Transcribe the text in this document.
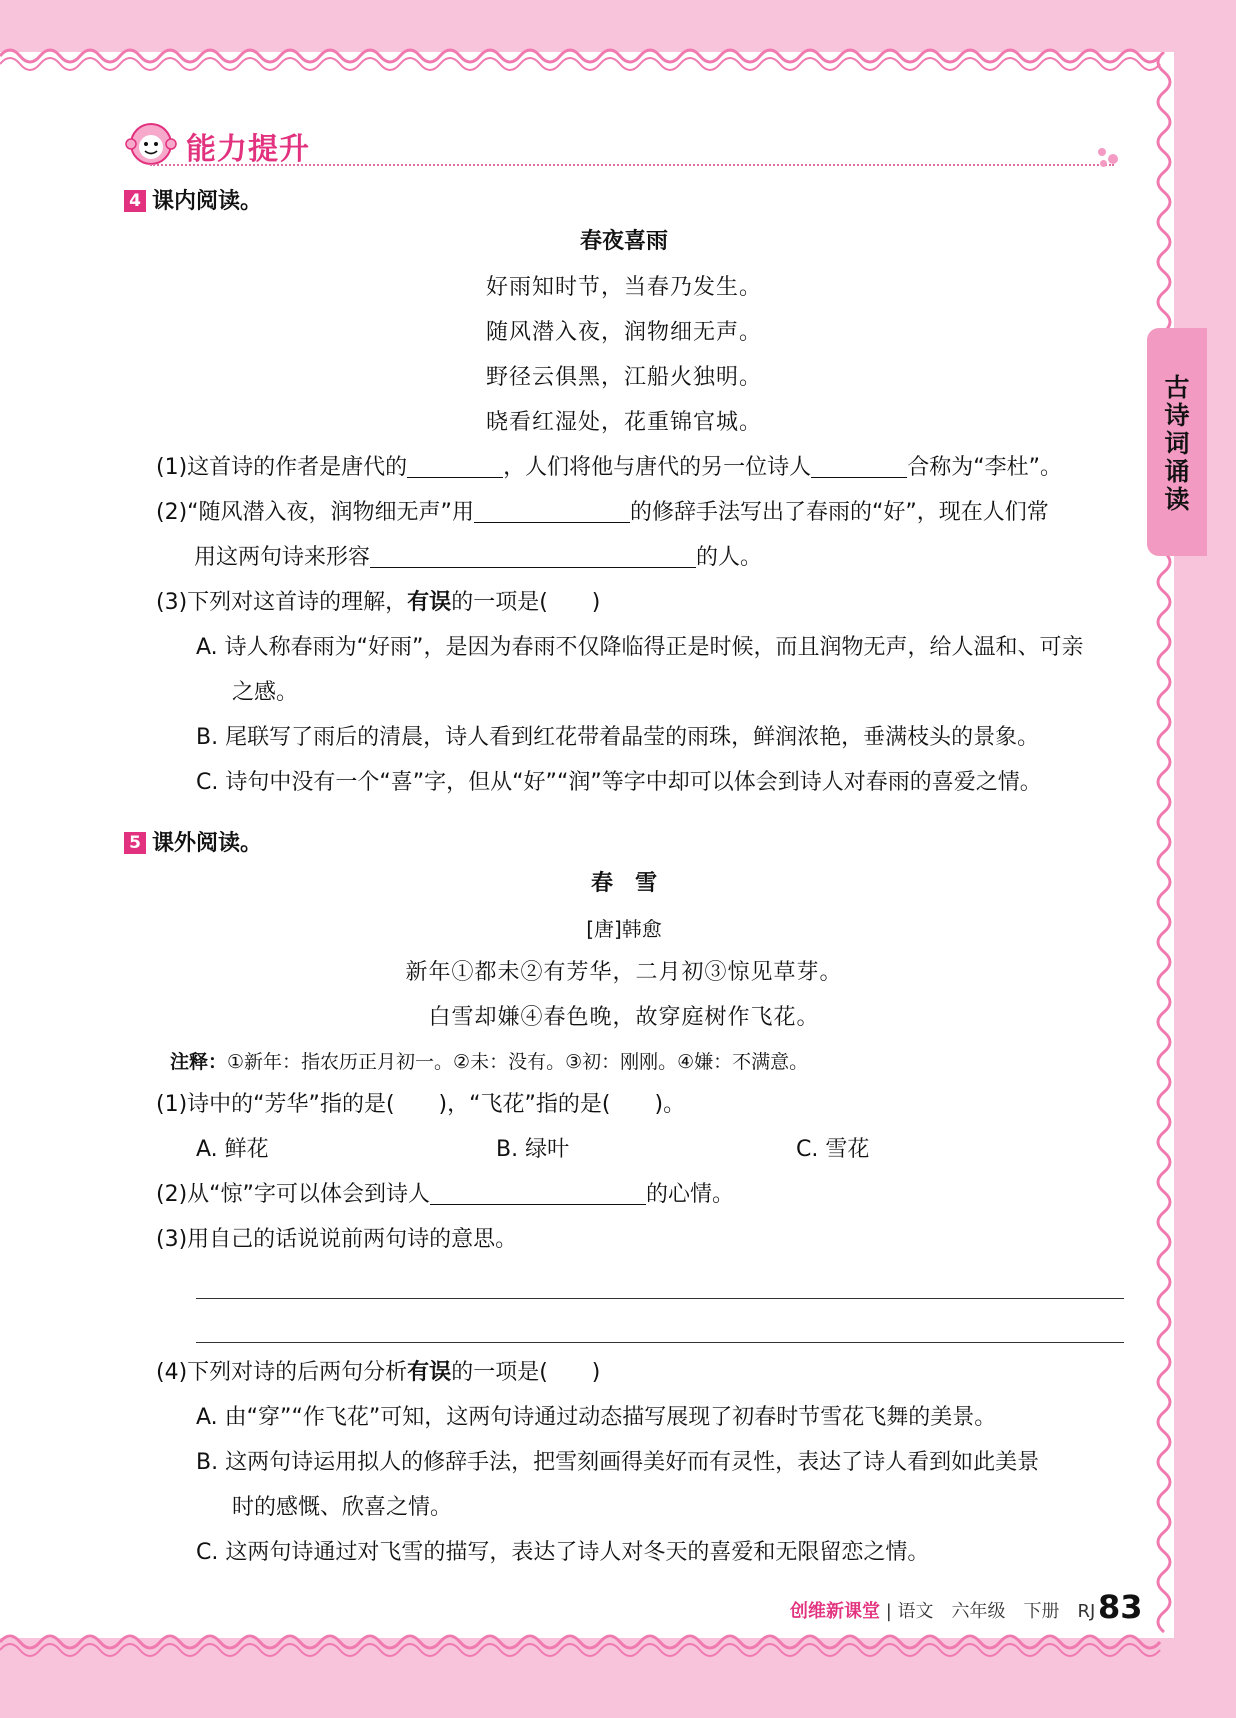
古
诗
词
诵
读
能力提升
4 课内阅读。
春夜喜雨
好雨知时节，当春乃发生。
随风潜入夜，润物细无声。
野径云俱黑，江船火独明。
晓看红湿处，花重锦官城。
(1)这首诗的作者是唐代的	，人们将他与唐代的另一位诗人	合称为“李杜”。
(2)“随风潜入夜，润物细无声”用	的修辞手法写出了春雨的“好”，现在人们常
用这两句诗来形容	的人。
(3)下列对这首诗的理解，有误的一项是(　　)
A. 诗人称春雨为“好雨”，是因为春雨不仅降临得正是时候，而且润物无声，给人温和、可亲
之感。
B. 尾联写了雨后的清晨，诗人看到红花带着晶莹的雨珠，鲜润浓艳，垂满枝头的景象。
C. 诗句中没有一个“喜”字，但从“好”“润”等字中却可以体会到诗人对春雨的喜爱之情。
5 课外阅读。
春　雪
[唐]韩愈
新年①都未②有芳华，二月初③惊见草芽。
白雪却嫌④春色晚，故穿庭树作飞花。
注释：①新年：指农历正月初一。②未：没有。③初：刚刚。④嫌：不满意。
(1)诗中的“芳华”指的是(　　)，“飞花”指的是(　　)。
A. 鲜花	B. 绿叶	C. 雪花
(2)从“惊”字可以体会到诗人	的心情。
(3)用自己的话说说前两句诗的意思。
(4)下列对诗的后两句分析有误的一项是(　　)
A. 由“穿”“作飞花”可知，这两句诗通过动态描写展现了初春时节雪花飞舞的美景。
B. 这两句诗运用拟人的修辞手法，把雪刻画得美好而有灵性，表达了诗人看到如此美景
时的感慨、欣喜之情。
C. 这两句诗通过对飞雪的描写，表达了诗人对冬天的喜爱和无限留恋之情。
创维新课堂 | 语文　六年级　下册　RJ 83
